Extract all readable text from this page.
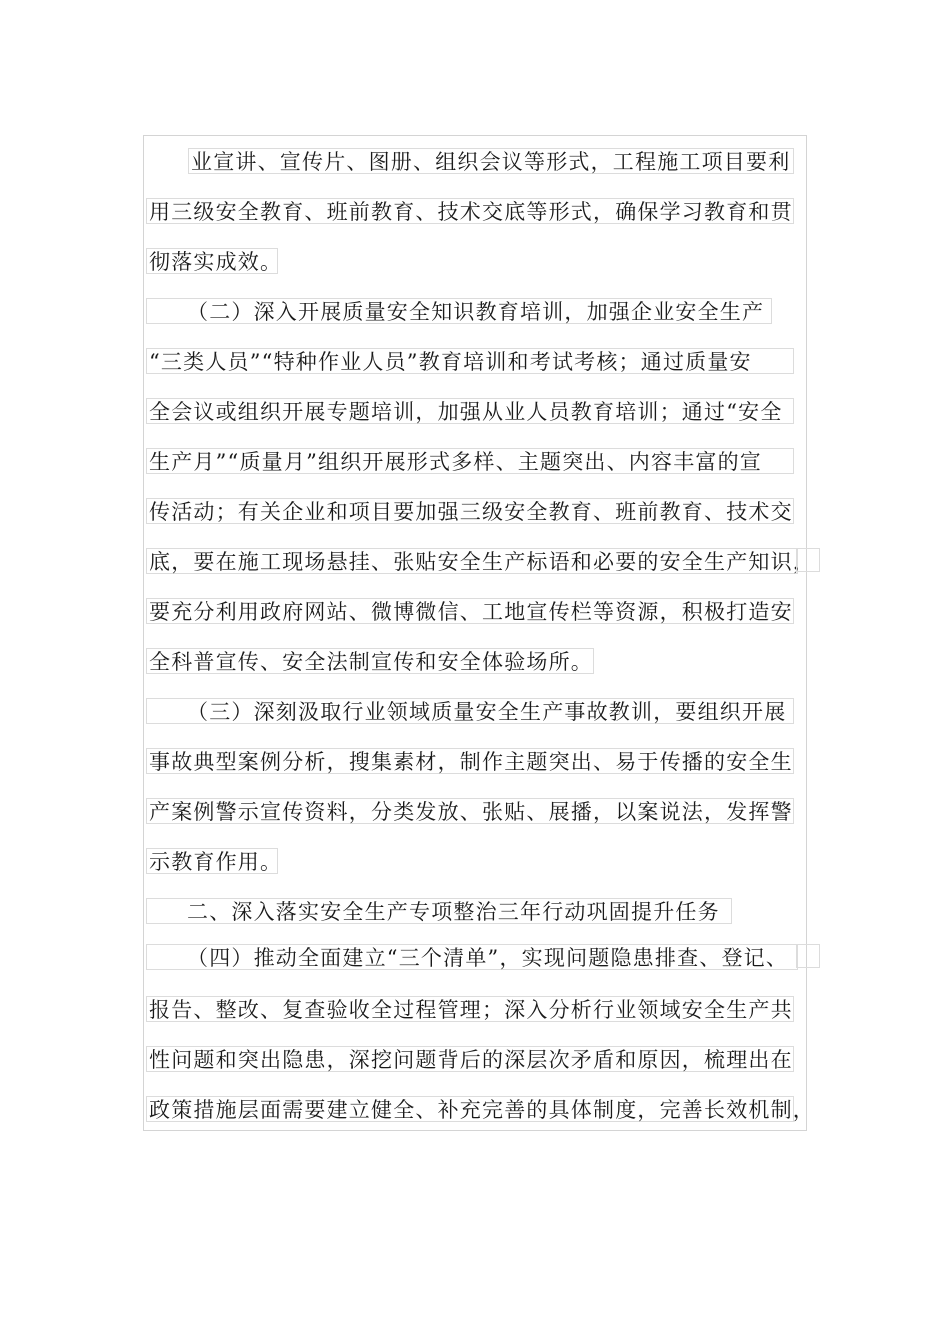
业宣讲、宣传片、图册、组织会议等形式，工程施工项目要利
用三级安全教育、班前教育、技术交底等形式，确保学习教育和贯
彻落实成效。
（二）深入开展质量安全知识教育培训，加强企业安全生产
“三类人员”“特种作业人员”教育培训和考试考核；通过质量安
全会议或组织开展专题培训，加强从业人员教育培训；通过“安全
生产月”“质量月”组织开展形式多样、主题突出、内容丰富的宣
传活动；有关企业和项目要加强三级安全教育、班前教育、技术交
底，要在施工现场悬挂、张贴安全生产标语和必要的安全生产知识，
要充分利用政府网站、微博微信、工地宣传栏等资源，积极打造安
全科普宣传、安全法制宣传和安全体验场所。
（三）深刻汲取行业领域质量安全生产事故教训，要组织开展
事故典型案例分析，搜集素材，制作主题突出、易于传播的安全生
产案例警示宣传资料，分类发放、张贴、展播，以案说法，发挥警
示教育作用。
二、深入落实安全生产专项整治三年行动巩固提升任务
（四）推动全面建立“三个清单”，实现问题隐患排查、登记、
报告、整改、复查验收全过程管理；深入分析行业领域安全生产共
性问题和突出隐患，深挖问题背后的深层次矛盾和原因，梳理出在
政策措施层面需要建立健全、补充完善的具体制度，完善长效机制，
